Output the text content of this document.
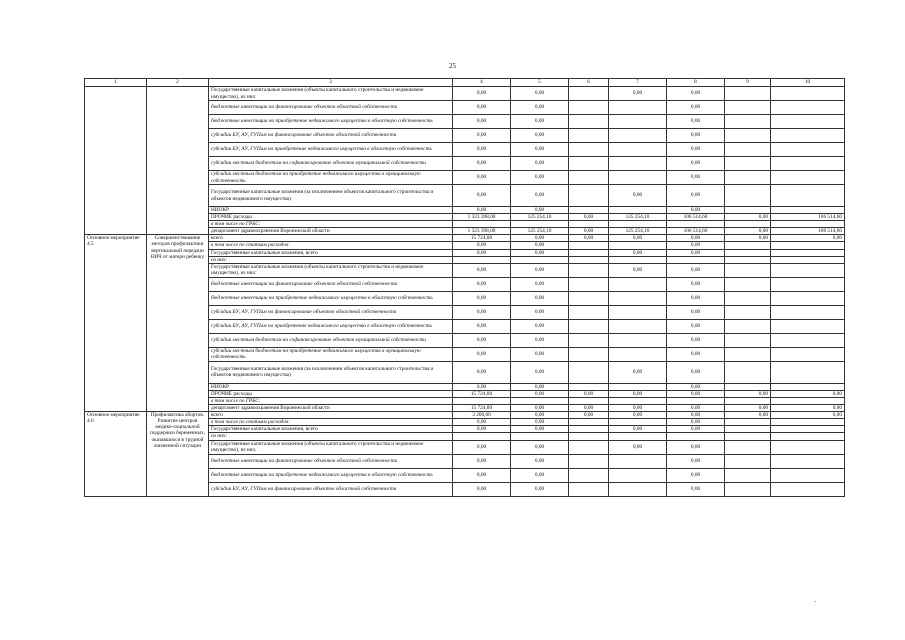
25
1	2	3	4	5	6	7	8	9	10
		Государственные капитальные вложения (объекты капитального строительства и недвижимое имущество), из них:	0,00	0,00		0,00	0,00		
		бюджетные инвестиции на финансирование объектов областной собственности	0,00	0,00			0,00		
		бюджетные инвестиции на приобретение недвижимого имущества в областную собственность	0,00	0,00			0,00		
		субсидии БУ, АУ, ГУПам на финансирование объектов областной собственности	0,00	0,00			0,00		
		субсидии БУ, АУ, ГУПам на приобретение недвижимого имущества в областную собственность	0,00	0,00			0,00		
		субсидии местным бюджетам на софинансирование объектов муниципальной собственности	0,00	0,00			0,00		
		субсидии местным бюджетам на приобретение недвижимого имущества в муниципальную собственность	0,00	0,00			0,00		
		Государственные капитальные вложения (за исключением объектов капитального строительства и объектов недвижимого имущества)	0,00	0,00		0,00	0,00		
		НИОКР	0,00	0,00			0,00		
		ПРОЧИЕ расходы	1 323 398,00	125 254,10	0,00	125 254,10	106 514,60	0,00	106 514,60
		в том числе по ГРБС:							
		департамент здравоохранения Воронежской области	1 323 398,00	125 254,10	0,00	125 254,10	106 514,60	0,00	106 514,60
Основное мероприятие 4.5	Совершенствование методов профилактики вертикальной передачи ВИЧ от матери ребенку	всего	15 724,00	0,00	0,00	0,00	0,00	0,00	0,00
		в том числе по статьям расходов:	0,00	0,00			0,00		
		Государственные капитальные вложения, всего	0,00	0,00		0,00	0,00		
		из них:							
		Государственные капитальные вложения (объекты капитального строительства и недвижимое имущество), из них:	0,00	0,00		0,00	0,00		
		бюджетные инвестиции на финансирование объектов областной собственности	0,00	0,00			0,00		
		бюджетные инвестиции на приобретение недвижимого имущества в областную собственность	0,00	0,00			0,00		
		субсидии БУ, АУ, ГУПам на финансирование объектов областной собственности	0,00	0,00			0,00		
		субсидии БУ, АУ, ГУПам на приобретение недвижимого имущества в областную собственность	0,00	0,00			0,00		
		субсидии местным бюджетам на софинансирование объектов муниципальной собственности	0,00	0,00			0,00		
		субсидии местным бюджетам на приобретение недвижимого имущества в муниципальную собственность	0,00	0,00			0,00		
		Государственные капитальные вложения (за исключением объектов капитального строительства и объектов недвижимого имущества)	0,00	0,00		0,00	0,00		
		НИОКР	0,00	0,00			0,00		
		ПРОЧИЕ расходы	15 724,00	0,00	0,00	0,00	0,00	0,00	0,00
		в том числе по ГРБС:							
		департамент здравоохранения Воронежской области	15 724,00	0,00	0,00	0,00	0,00	0,00	0,00
Основное мероприятие 4.6	Профилактика абортов. Развитие центров медико-социальной поддержки беременных, оказавшихся в трудной жизненной ситуации	всего	3 200,00	0,00	0,00	0,00	0,00	0,00	0,00
		в том числе по статьям расходов:	0,00	0,00			0,00		
		Государственные капитальные вложения, всего	0,00	0,00		0,00	0,00		
		из них:							
		Государственные капитальные вложения (объекты капитального строительства и недвижимое имущество), из них:	0,00	0,00		0,00	0,00		
		бюджетные инвестиции на финансирование объектов областной собственности	0,00	0,00			0,00		
		бюджетные инвестиции на приобретение недвижимого имущества в областную собственность	0,00	0,00			0,00		
		субсидии БУ, АУ, ГУПам на финансирование объектов областной собственности	0,00	0,00			0,00		
·
